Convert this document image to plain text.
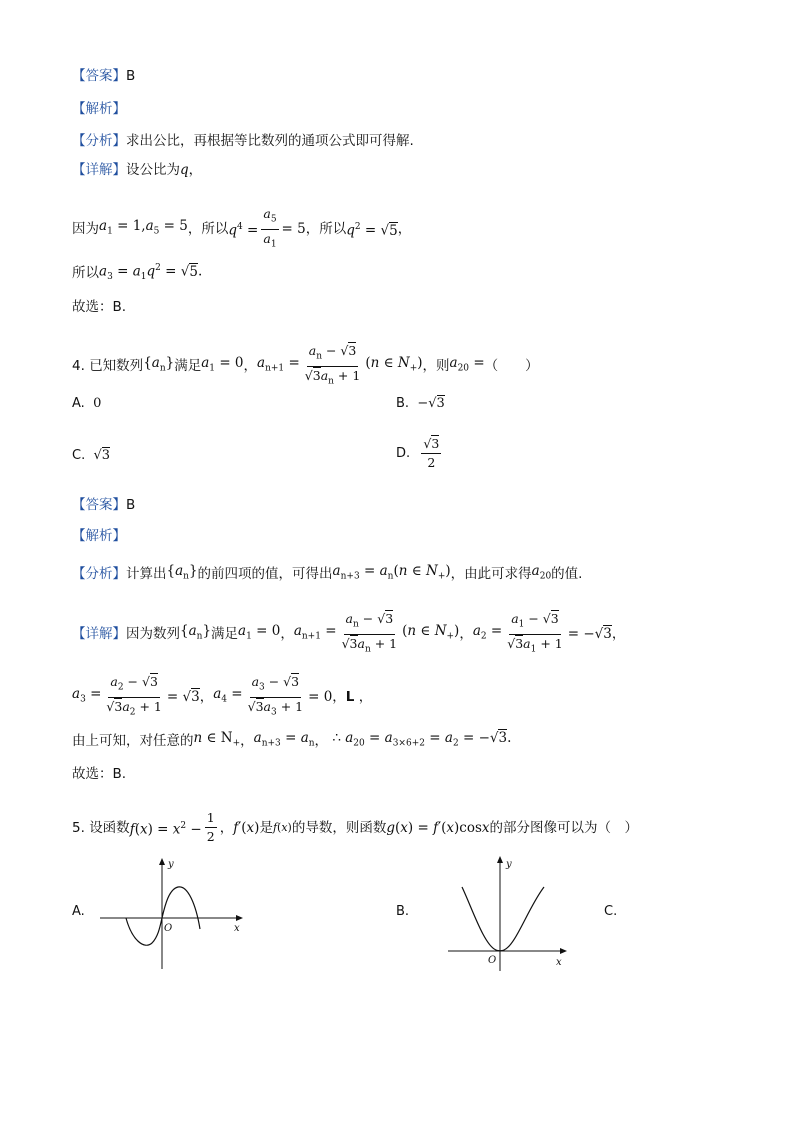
【答案】 B
【解析】
【分析】 求出公比，再根据等比数列的通项公式即可得解.
【详解】 设公比为 q ，
因为 $a_1 = 1,a_5 = 5$ ，所以 $q^4 = \frac{a_5}{a_1} = 5$ ，所以 $q^2 = √5$ ，
所以 $a_3 = a_1q^2 = √5$.
故选：B.
4.
已知数列 $\{a_n\}$ 满足 $a_1 = 0$ ， $a_{n+1} = \frac{a_n - √3}{√3a_n + 1} (n$ ∈ $N_+$) ，则 $a_{20}$ = （　　）
A.
0	B.
−√3
C.
√3	D.
$\frac{√3}{2}$
【答案】 B
【解析】
【分析】 计算出 $\{a_n\}$ 的前四项的值，可得出 $a_{n+3} = a_n(n$ ∈ $N_+$) ，由此可求得 $a_{20}$ 的值.
【详解】 因为数列 $\{a_n\}$ 满足 $a_1 = 0$ ， $a_{n+1} = \frac{a_n - √3}{√3a_n + 1} (n$ ∈ $N_+$) ， $a_2 = \frac{a_1 - √3}{√3a_1 + 1} = -√3$ ，
$a_3 = \frac{a_2 - √3}{√3a_2 + 1} = √3$ ， $a_4 = \frac{a_3 - √3}{√3a_3 + 1} = 0$ ， L ，
由上可知，对任意的 n ∈ $N_+$ ， $a_{n+3} = a_n$ ， ∴ $a_{20} = a_{3\times 6+2} = a_2 = -√3$.
故选：B.
5.
设函数 $f(x) = x^2 - \frac{1}{2}$ ， f′(x) 是 f(x) 的导数，则函数 g(x) = f′(x)cosx 的部分图像可以为（　）
A.
x
y
O
B.
x
y
O
C.
